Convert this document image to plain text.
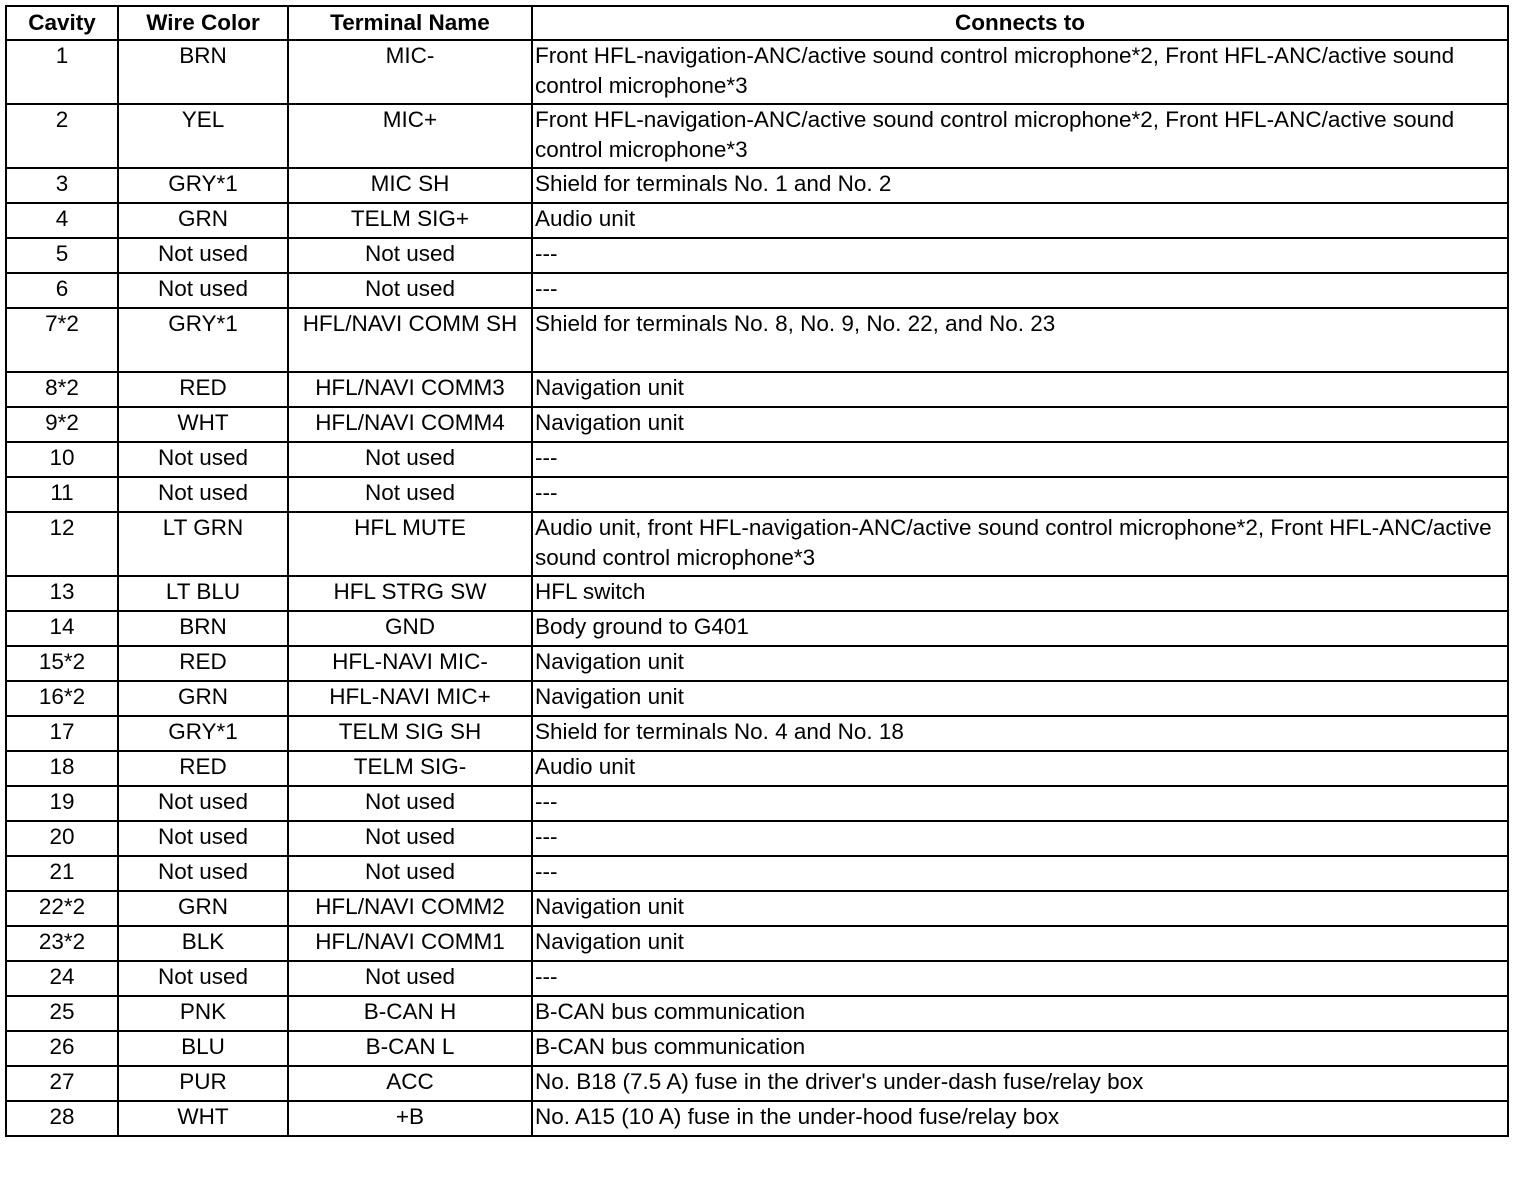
Cavity	Wire Color	Terminal Name	Connects to
1	BRN	MIC-	Front HFL-navigation-ANC/active sound control microphone*2, Front HFL-ANC/active sound control microphone*3
2	YEL	MIC+	Front HFL-navigation-ANC/active sound control microphone*2, Front HFL-ANC/active sound control microphone*3
3	GRY*1	MIC SH	Shield for terminals No. 1 and No. 2
4	GRN	TELM SIG+	Audio unit
5	Not used	Not used	---
6	Not used	Not used	---
7*2	GRY*1	HFL/NAVI COMM SH	Shield for terminals No. 8, No. 9, No. 22, and No. 23
8*2	RED	HFL/NAVI COMM3	Navigation unit
9*2	WHT	HFL/NAVI COMM4	Navigation unit
10	Not used	Not used	---
11	Not used	Not used	---
12	LT GRN	HFL MUTE	Audio unit, front HFL-navigation-ANC/active sound control microphone*2, Front HFL-ANC/active sound control microphone*3
13	LT BLU	HFL STRG SW	HFL switch
14	BRN	GND	Body ground to G401
15*2	RED	HFL-NAVI MIC-	Navigation unit
16*2	GRN	HFL-NAVI MIC+	Navigation unit
17	GRY*1	TELM SIG SH	Shield for terminals No. 4 and No. 18
18	RED	TELM SIG-	Audio unit
19	Not used	Not used	---
20	Not used	Not used	---
21	Not used	Not used	---
22*2	GRN	HFL/NAVI COMM2	Navigation unit
23*2	BLK	HFL/NAVI COMM1	Navigation unit
24	Not used	Not used	---
25	PNK	B-CAN H	B-CAN bus communication
26	BLU	B-CAN L	B-CAN bus communication
27	PUR	ACC	No. B18 (7.5 A) fuse in the driver's under-dash fuse/relay box
28	WHT	+B	No. A15 (10 A) fuse in the under-hood fuse/relay box
